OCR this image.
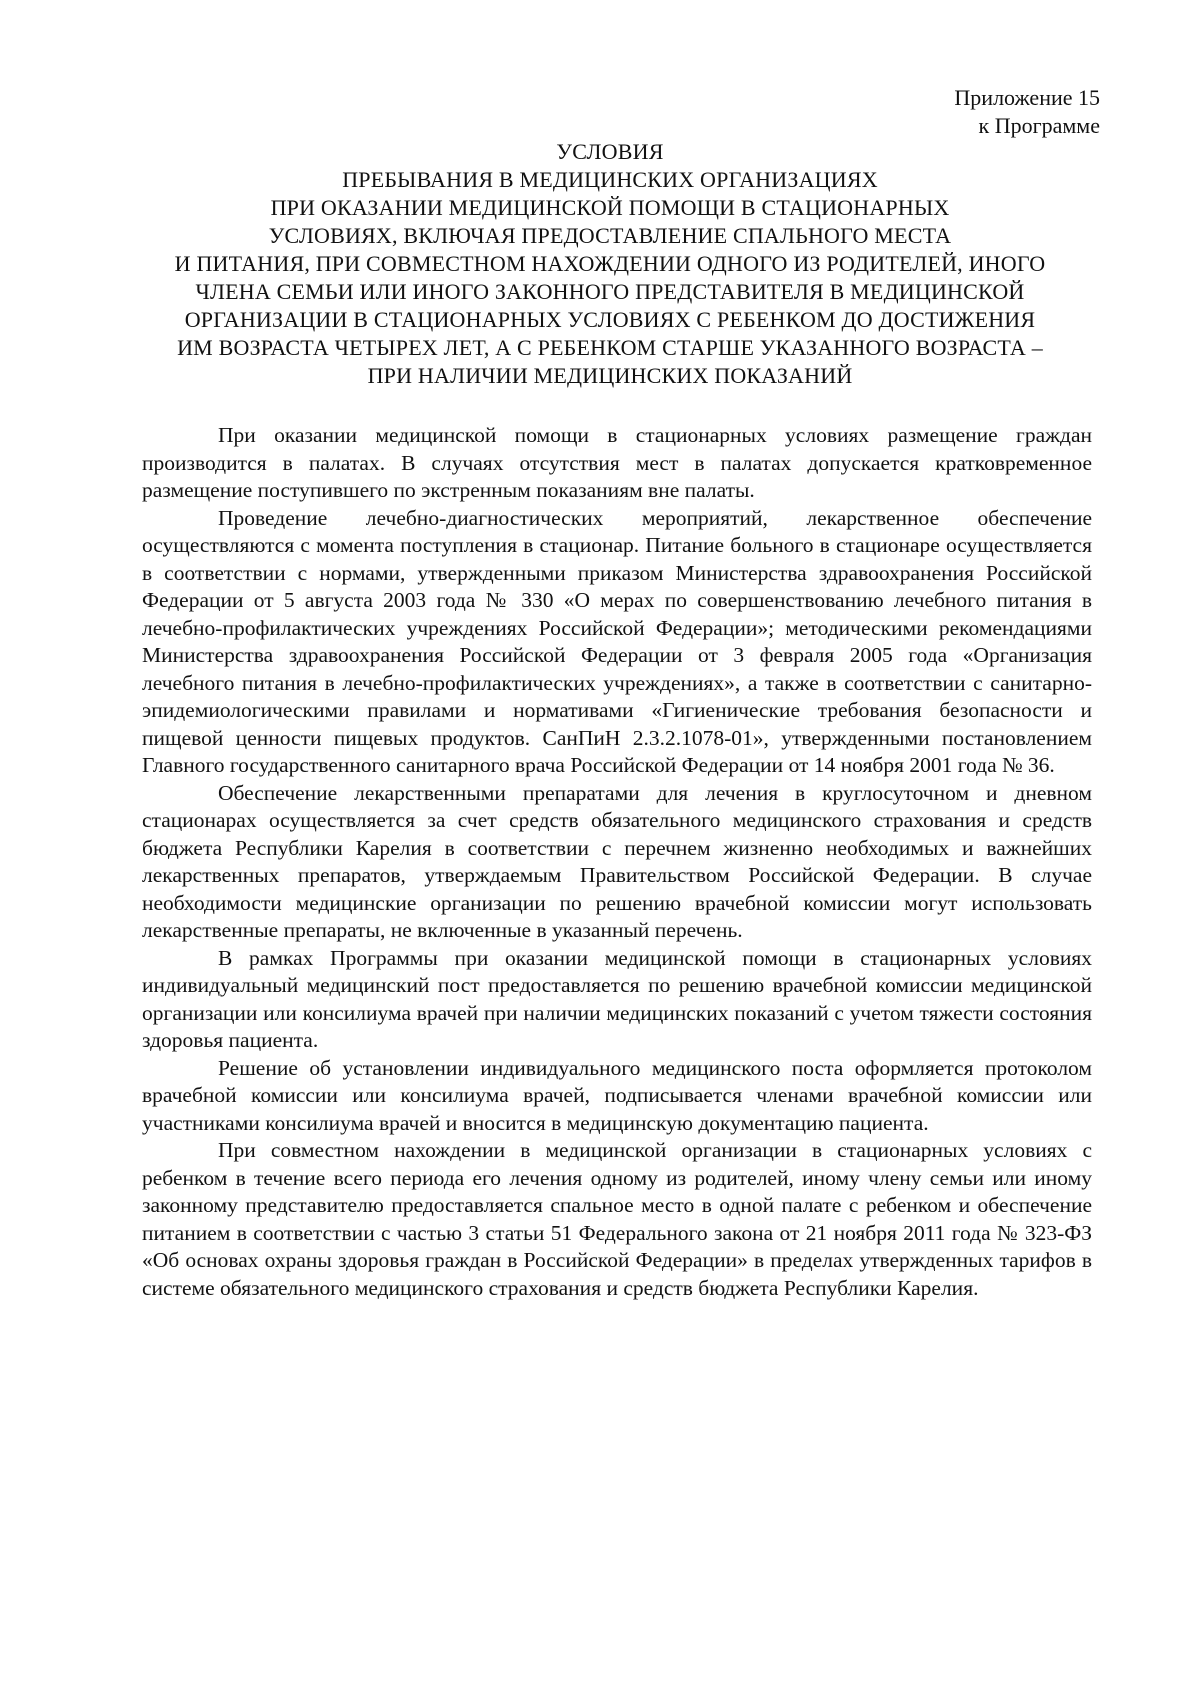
Приложение 15
к Программе
УСЛОВИЯ
ПРЕБЫВАНИЯ В МЕДИЦИНСКИХ ОРГАНИЗАЦИЯХ
ПРИ ОКАЗАНИИ МЕДИЦИНСКОЙ ПОМОЩИ В СТАЦИОНАРНЫХ
УСЛОВИЯХ, ВКЛЮЧАЯ ПРЕДОСТАВЛЕНИЕ СПАЛЬНОГО МЕСТА
И ПИТАНИЯ, ПРИ СОВМЕСТНОМ НАХОЖДЕНИИ ОДНОГО ИЗ РОДИТЕЛЕЙ, ИНОГО
ЧЛЕНА СЕМЬИ ИЛИ ИНОГО ЗАКОННОГО ПРЕДСТАВИТЕЛЯ В МЕДИЦИНСКОЙ
ОРГАНИЗАЦИИ В СТАЦИОНАРНЫХ УСЛОВИЯХ С РЕБЕНКОМ ДО ДОСТИЖЕНИЯ
ИМ ВОЗРАСТА ЧЕТЫРЕХ ЛЕТ, А С РЕБЕНКОМ СТАРШЕ УКАЗАННОГО ВОЗРАСТА –
ПРИ НАЛИЧИИ МЕДИЦИНСКИХ ПОКАЗАНИЙ

При оказании медицинской помощи в стационарных условиях размещение граждан производится в палатах. В случаях отсутствия мест в палатах допускается кратковременное размещение поступившего по экстренным показаниям вне палаты.

Проведение лечебно-диагностических мероприятий, лекарственное обеспечение осуществляются с момента поступления в стационар. Питание больного в стационаре осуществляется в соответствии с нормами, утвержденными приказом Министерства здравоохранения Российской Федерации от 5 августа 2003 года № 330 «О мерах по совершенствованию лечебного питания в лечебно-профилактических учреждениях Российской Федерации»; методическими рекомендациями Министерства здравоохранения Российской Федерации от 3 февраля 2005 года «Организация лечебного питания в лечебно-профилактических учреждениях», а также в соответствии с санитарно-эпидемиологическими правилами и нормативами «Гигиенические требования безопасности и пищевой ценности пищевых продуктов. СанПиН 2.3.2.1078-01», утвержденными постановлением Главного государственного санитарного врача Российской Федерации от 14 ноября 2001 года № 36.

Обеспечение лекарственными препаратами для лечения в круглосуточном и дневном стационарах осуществляется за счет средств обязательного медицинского страхования и средств бюджета Республики Карелия в соответствии с перечнем жизненно необходимых и важнейших лекарственных препаратов, утверждаемым Правительством Российской Федерации. В случае необходимости медицинские организации по решению врачебной комиссии могут использовать лекарственные препараты, не включенные в указанный перечень.

В рамках Программы при оказании медицинской помощи в стационарных условиях индивидуальный медицинский пост предоставляется по решению врачебной комиссии медицинской организации или консилиума врачей при наличии медицинских показаний с учетом тяжести состояния здоровья пациента.

Решение об установлении индивидуального медицинского поста оформляется протоколом врачебной комиссии или консилиума врачей, подписывается членами врачебной комиссии или участниками консилиума врачей и вносится в медицинскую документацию пациента.

При совместном нахождении в медицинской организации в стационарных условиях с ребенком в течение всего периода его лечения одному из родителей, иному члену семьи или иному законному представителю предоставляется спальное место в одной палате с ребенком и обеспечение питанием в соответствии с частью 3 статьи 51 Федерального закона от 21 ноября 2011 года № 323-ФЗ «Об основах охраны здоровья граждан в Российской Федерации» в пределах утвержденных тарифов в системе обязательного медицинского страхования и средств бюджета Республики Карелия.
